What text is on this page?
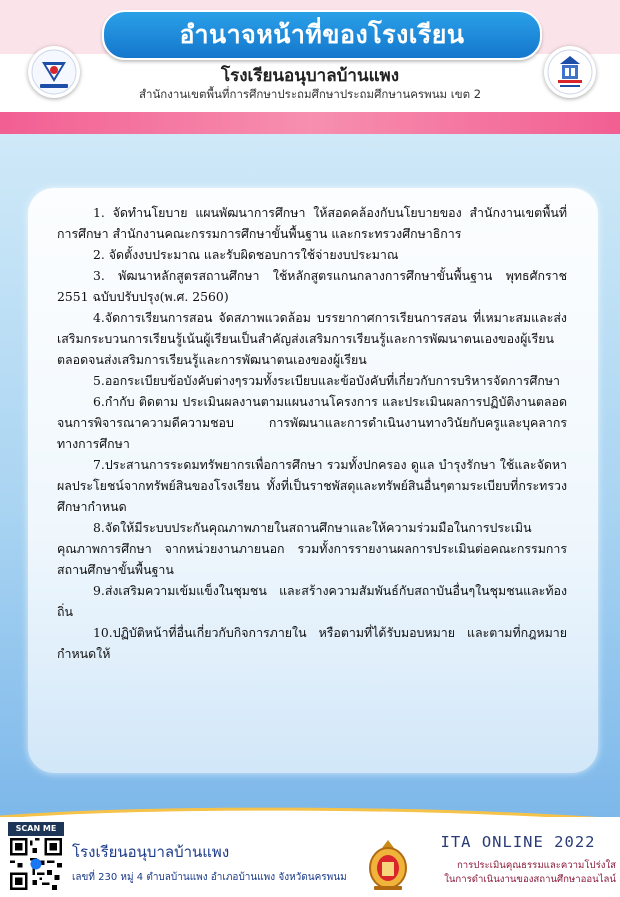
อำนาจหน้าที่ของโรงเรียน
โรงเรียนอนุบาลบ้านแพง
สำนักงานเขตพื้นที่การศึกษาประถมศึกษาประถมศึกษานครพนม เขต 2

1. จัดทำนโยบาย แผนพัฒนาการศึกษา ให้สอดคล้องกับนโยบายของ สำนักงานเขตพื้นที่การศึกษา สำนักงานคณะกรรมการศึกษาขั้นพื้นฐาน และกระทรวงศึกษาธิการ

2. จัดตั้งงบประมาณ และรับผิดชอบการใช้จ่ายงบประมาณ

3. พัฒนาหลักสูตรสถานศึกษา ใช้หลักสูตรแกนกลางการศึกษาขั้นพื้นฐาน พุทธศักราช 2551 ฉบับปรับปรุง(พ.ศ. 2560)

4.จัดการเรียนการสอน จัดสภาพแวดล้อม บรรยากาศการเรียนการสอน ที่เหมาะสมและส่งเสริมกระบวนการเรียนรู้เน้นผู้เรียนเป็นสำคัญส่งเสริมการเรียนรู้และการพัฒนาตนเองของผู้เรียนตลอดจนส่งเสริมการเรียนรู้และการพัฒนาตนเองของผู้เรียน

5.ออกระเบียบข้อบังคับต่างๆรวมทั้งระเบียบและข้อบังคับที่เกี่ยวกับการบริหารจัดการศึกษา

6.กำกับ ติดตาม ประเมินผลงานตามแผนงานโครงการ และประเมินผลการปฏิบัติงานตลอดจนการพิจารณาความดีความชอบ การพัฒนาและการดำเนินงานทางวินัยกับครูและบุคลากรทางการศึกษา

7.ประสานการระดมทรัพยากรเพื่อการศึกษา รวมทั้งปกครอง ดูแล บำรุงรักษา ใช้และจัดหาผลประโยชน์จากทรัพย์สินของโรงเรียน ทั้งที่เป็นราชพัสดุและทรัพย์สินอื่นๆตามระเบียบที่กระทรวงศึกษากำหนด

8.จัดให้มีระบบประกันคุณภาพภายในสถานศึกษาและให้ความร่วมมือในการประเมินคุณภาพการศึกษา จากหน่วยงานภายนอก รวมทั้งการรายงานผลการประเมินต่อคณะกรรมการสถานศึกษาขั้นพื้นฐาน

9.ส่งเสริมความเข้มแข็งในชุมชน และสร้างความสัมพันธ์กับสถาบันอื่นๆในชุมชนและท้องถิ่น

10.ปฏิบัติหน้าที่อื่นเกี่ยวกับกิจการภายใน หรือตามที่ได้รับมอบหมาย และตามที่กฎหมายกำหนดให้

SCAN ME
โรงเรียนอนุบาลบ้านแพง
เลขที่ 230 หมู่ 4 ตำบลบ้านแพง อำเภอบ้านแพง จังหวัดนครพนม
ITA ONLINE 2022
การประเมินคุณธรรมและความโปร่งใส
ในการดำเนินงานของสถานศึกษาออนไลน์
